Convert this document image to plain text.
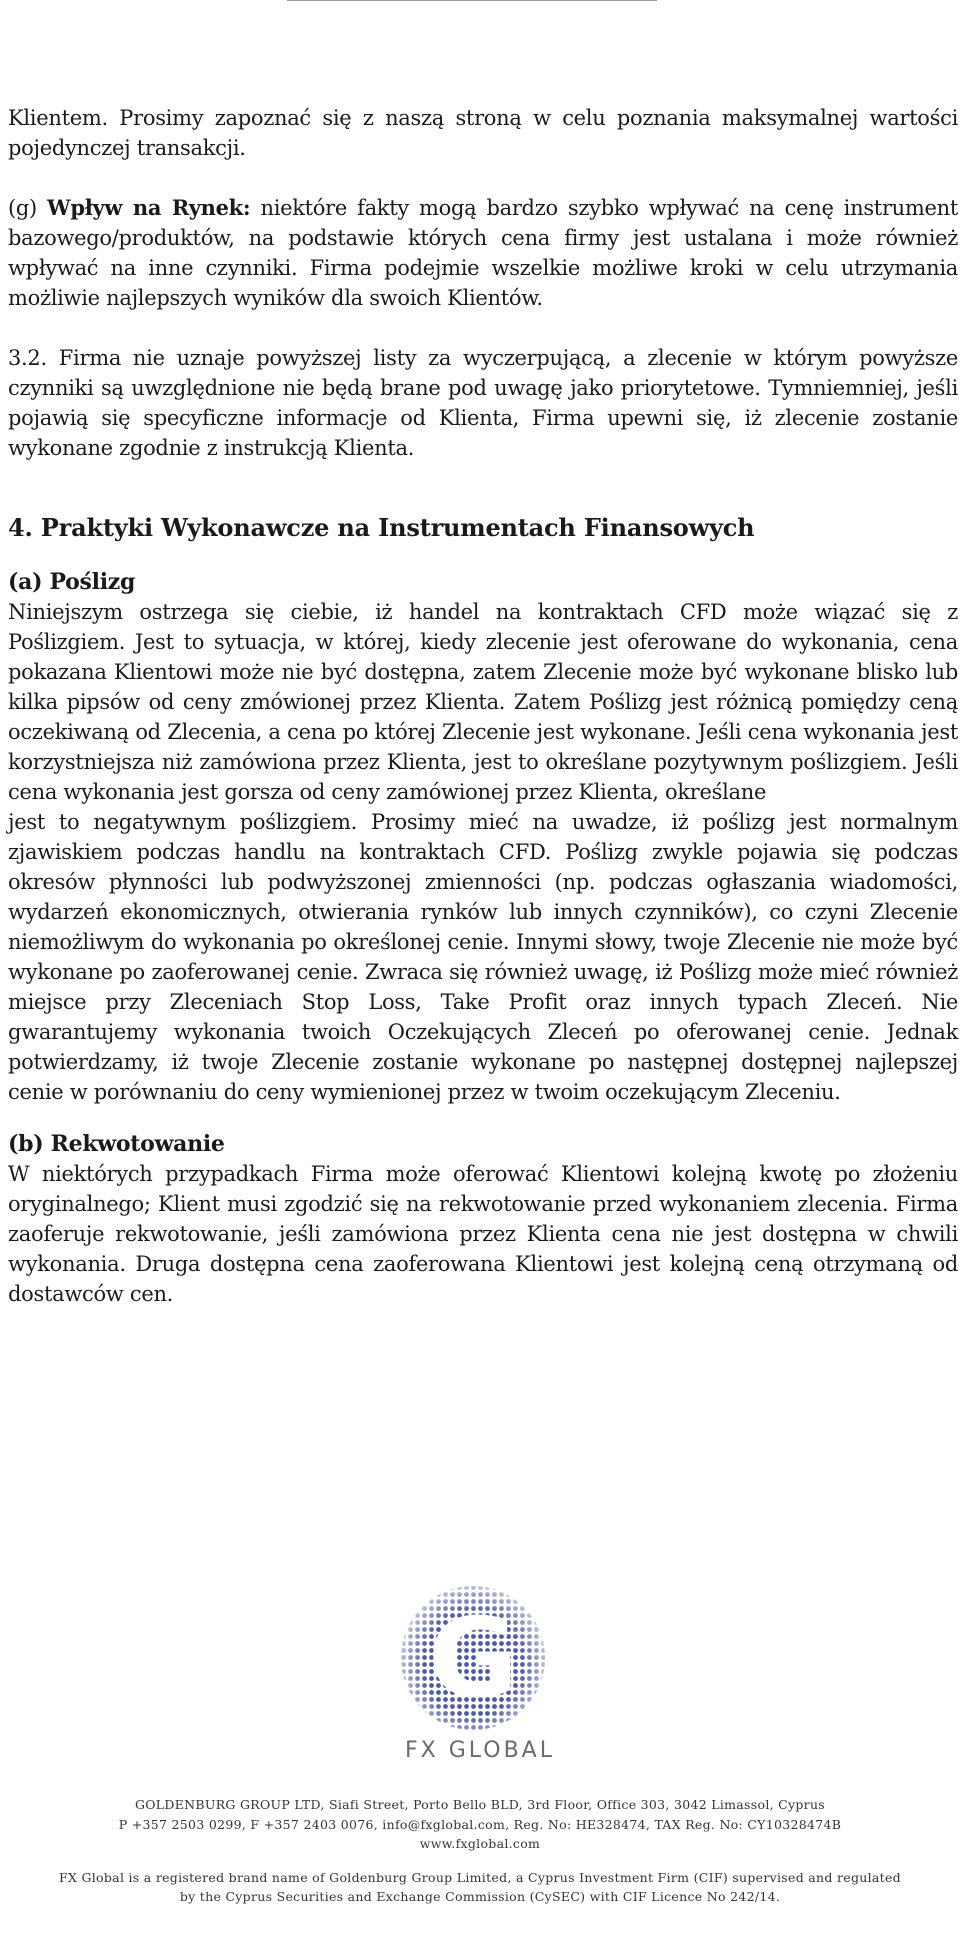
Klientem. Prosimy zapoznać się z naszą stroną w celu poznania maksymalnej wartości pojedynczej transakcji.

(g) Wpływ na Rynek: niektóre fakty mogą bardzo szybko wpływać na cenę instrument bazowego/produktów, na podstawie których cena firmy jest ustalana i może również wpływać na inne czynniki. Firma podejmie wszelkie możliwe kroki w celu utrzymania możliwie najlepszych wyników dla swoich Klientów.

3.2. Firma nie uznaje powyższej listy za wyczerpującą, a zlecenie w którym powyższe czynniki są uwzględnione nie będą brane pod uwagę jako priorytetowe. Tymniemniej, jeśli pojawią się specyficzne informacje od Klienta, Firma upewni się, iż zlecenie zostanie wykonane zgodnie z instrukcją Klienta.

4. Praktyki Wykonawcze na Instrumentach Finansowych
(a) Poślizg

Niniejszym ostrzega się ciebie, iż handel na kontraktach CFD może wiązać się z Poślizgiem. Jest to sytuacja, w której, kiedy zlecenie jest oferowane do wykonania, cena pokazana Klientowi może nie być dostępna, zatem Zlecenie może być wykonane blisko lub kilka pipsów od ceny zmówionej przez Klienta. Zatem Poślizg jest różnicą pomiędzy ceną oczekiwaną od Zlecenia, a cena po której Zlecenie jest wykonane. Jeśli cena wykonania jest korzystniejsza niż zamówiona przez Klienta, jest to określane pozytywnym poślizgiem. Jeśli cena wykonania jest gorsza od ceny zamówionej przez Klienta, określane

jest to negatywnym poślizgiem. Prosimy mieć na uwadze, iż poślizg jest normalnym zjawiskiem podczas handlu na kontraktach CFD. Poślizg zwykle pojawia się podczas okresów płynności lub podwyższonej zmienności (np. podczas ogłaszania wiadomości, wydarzeń ekonomicznych, otwierania rynków lub innych czynników), co czyni Zlecenie niemożliwym do wykonania po określonej cenie. Innymi słowy, twoje Zlecenie nie może być wykonane po zaoferowanej cenie. Zwraca się również uwagę, iż Poślizg może mieć również miejsce przy Zleceniach Stop Loss, Take Profit oraz innych typach Zleceń. Nie gwarantujemy wykonania twoich Oczekujących Zleceń po oferowanej cenie. Jednak potwierdzamy, iż twoje Zlecenie zostanie wykonane po następnej dostępnej najlepszej cenie w porównaniu do ceny wymienionej przez w twoim oczekującym Zleceniu.

(b) Rekwotowanie

W niektórych przypadkach Firma może oferować Klientowi kolejną kwotę po złożeniu oryginalnego; Klient musi zgodzić się na rekwotowanie przed wykonaniem zlecenia. Firma zaoferuje rekwotowanie, jeśli zamówiona przez Klienta cena nie jest dostępna w chwili wykonania. Druga dostępna cena zaoferowana Klientowi jest kolejną ceną otrzymaną od dostawców cen.

G
FX GLOBAL
GOLDENBURG GROUP LTD, Siafi Street, Porto Bello BLD, 3rd Floor, Office 303, 3042 Limassol, Cyprus
P +357 2503 0299, F +357 2403 0076, info@fxglobal.com, Reg. No: HE328474, TAX Reg. No: CY10328474B
www.fxglobal.com
FX Global is a registered brand name of Goldenburg Group Limited, a Cyprus Investment Firm (CIF) supervised and regulated
by the Cyprus Securities and Exchange Commission (CySEC) with CIF Licence No 242/14.
